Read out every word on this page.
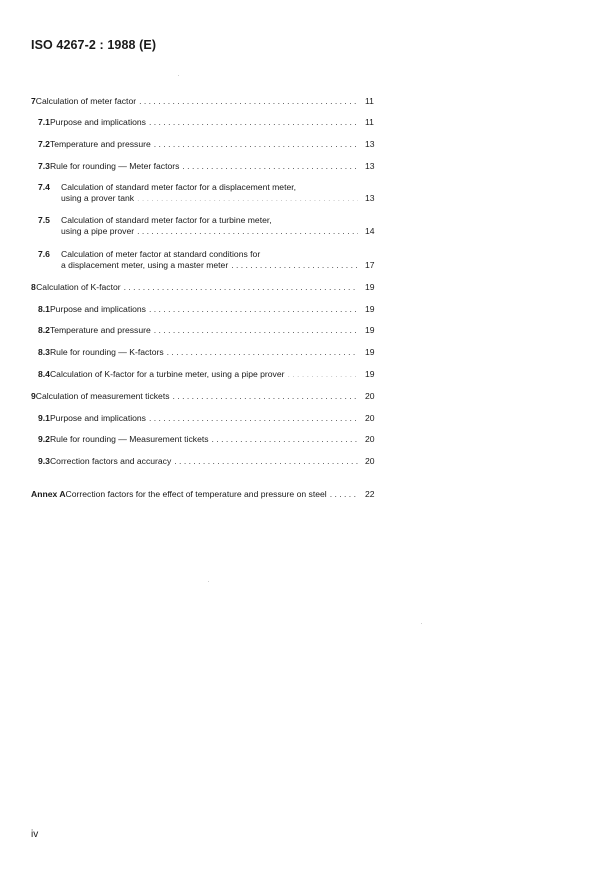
ISO 4267-2 : 1988 (E)
7 Calculation of meter factor . . .	11
7.1 Purpose and implications . . .	11
7.2 Temperature and pressure . . .	13
7.3 Rule for rounding — Meter factors . . .	13
7.4	Calculation of standard meter factor for a displacement meter,
using a prover tank . . .	13
7.5	Calculation of standard meter factor for a turbine meter,
using a pipe prover . . .	14
7.6	Calculation of meter factor at standard conditions for
a displacement meter, using a master meter . . .	17
8 Calculation of K-factor . . .	19
8.1 Purpose and implications . . .	19
8.2 Temperature and pressure . . .	19
8.3 Rule for rounding — K-factors . . .	19
8.4 Calculation of K-factor for a turbine meter, using a pipe prover . . .	19
9 Calculation of measurement tickets . . .	20
9.1 Purpose and implications . . .	20
9.2 Rule for rounding — Measurement tickets . . .	20
9.3 Correction factors and accuracy . . .	20
Annex A Correction factors for the effect of temperature and pressure on steel . . .	22
iv
